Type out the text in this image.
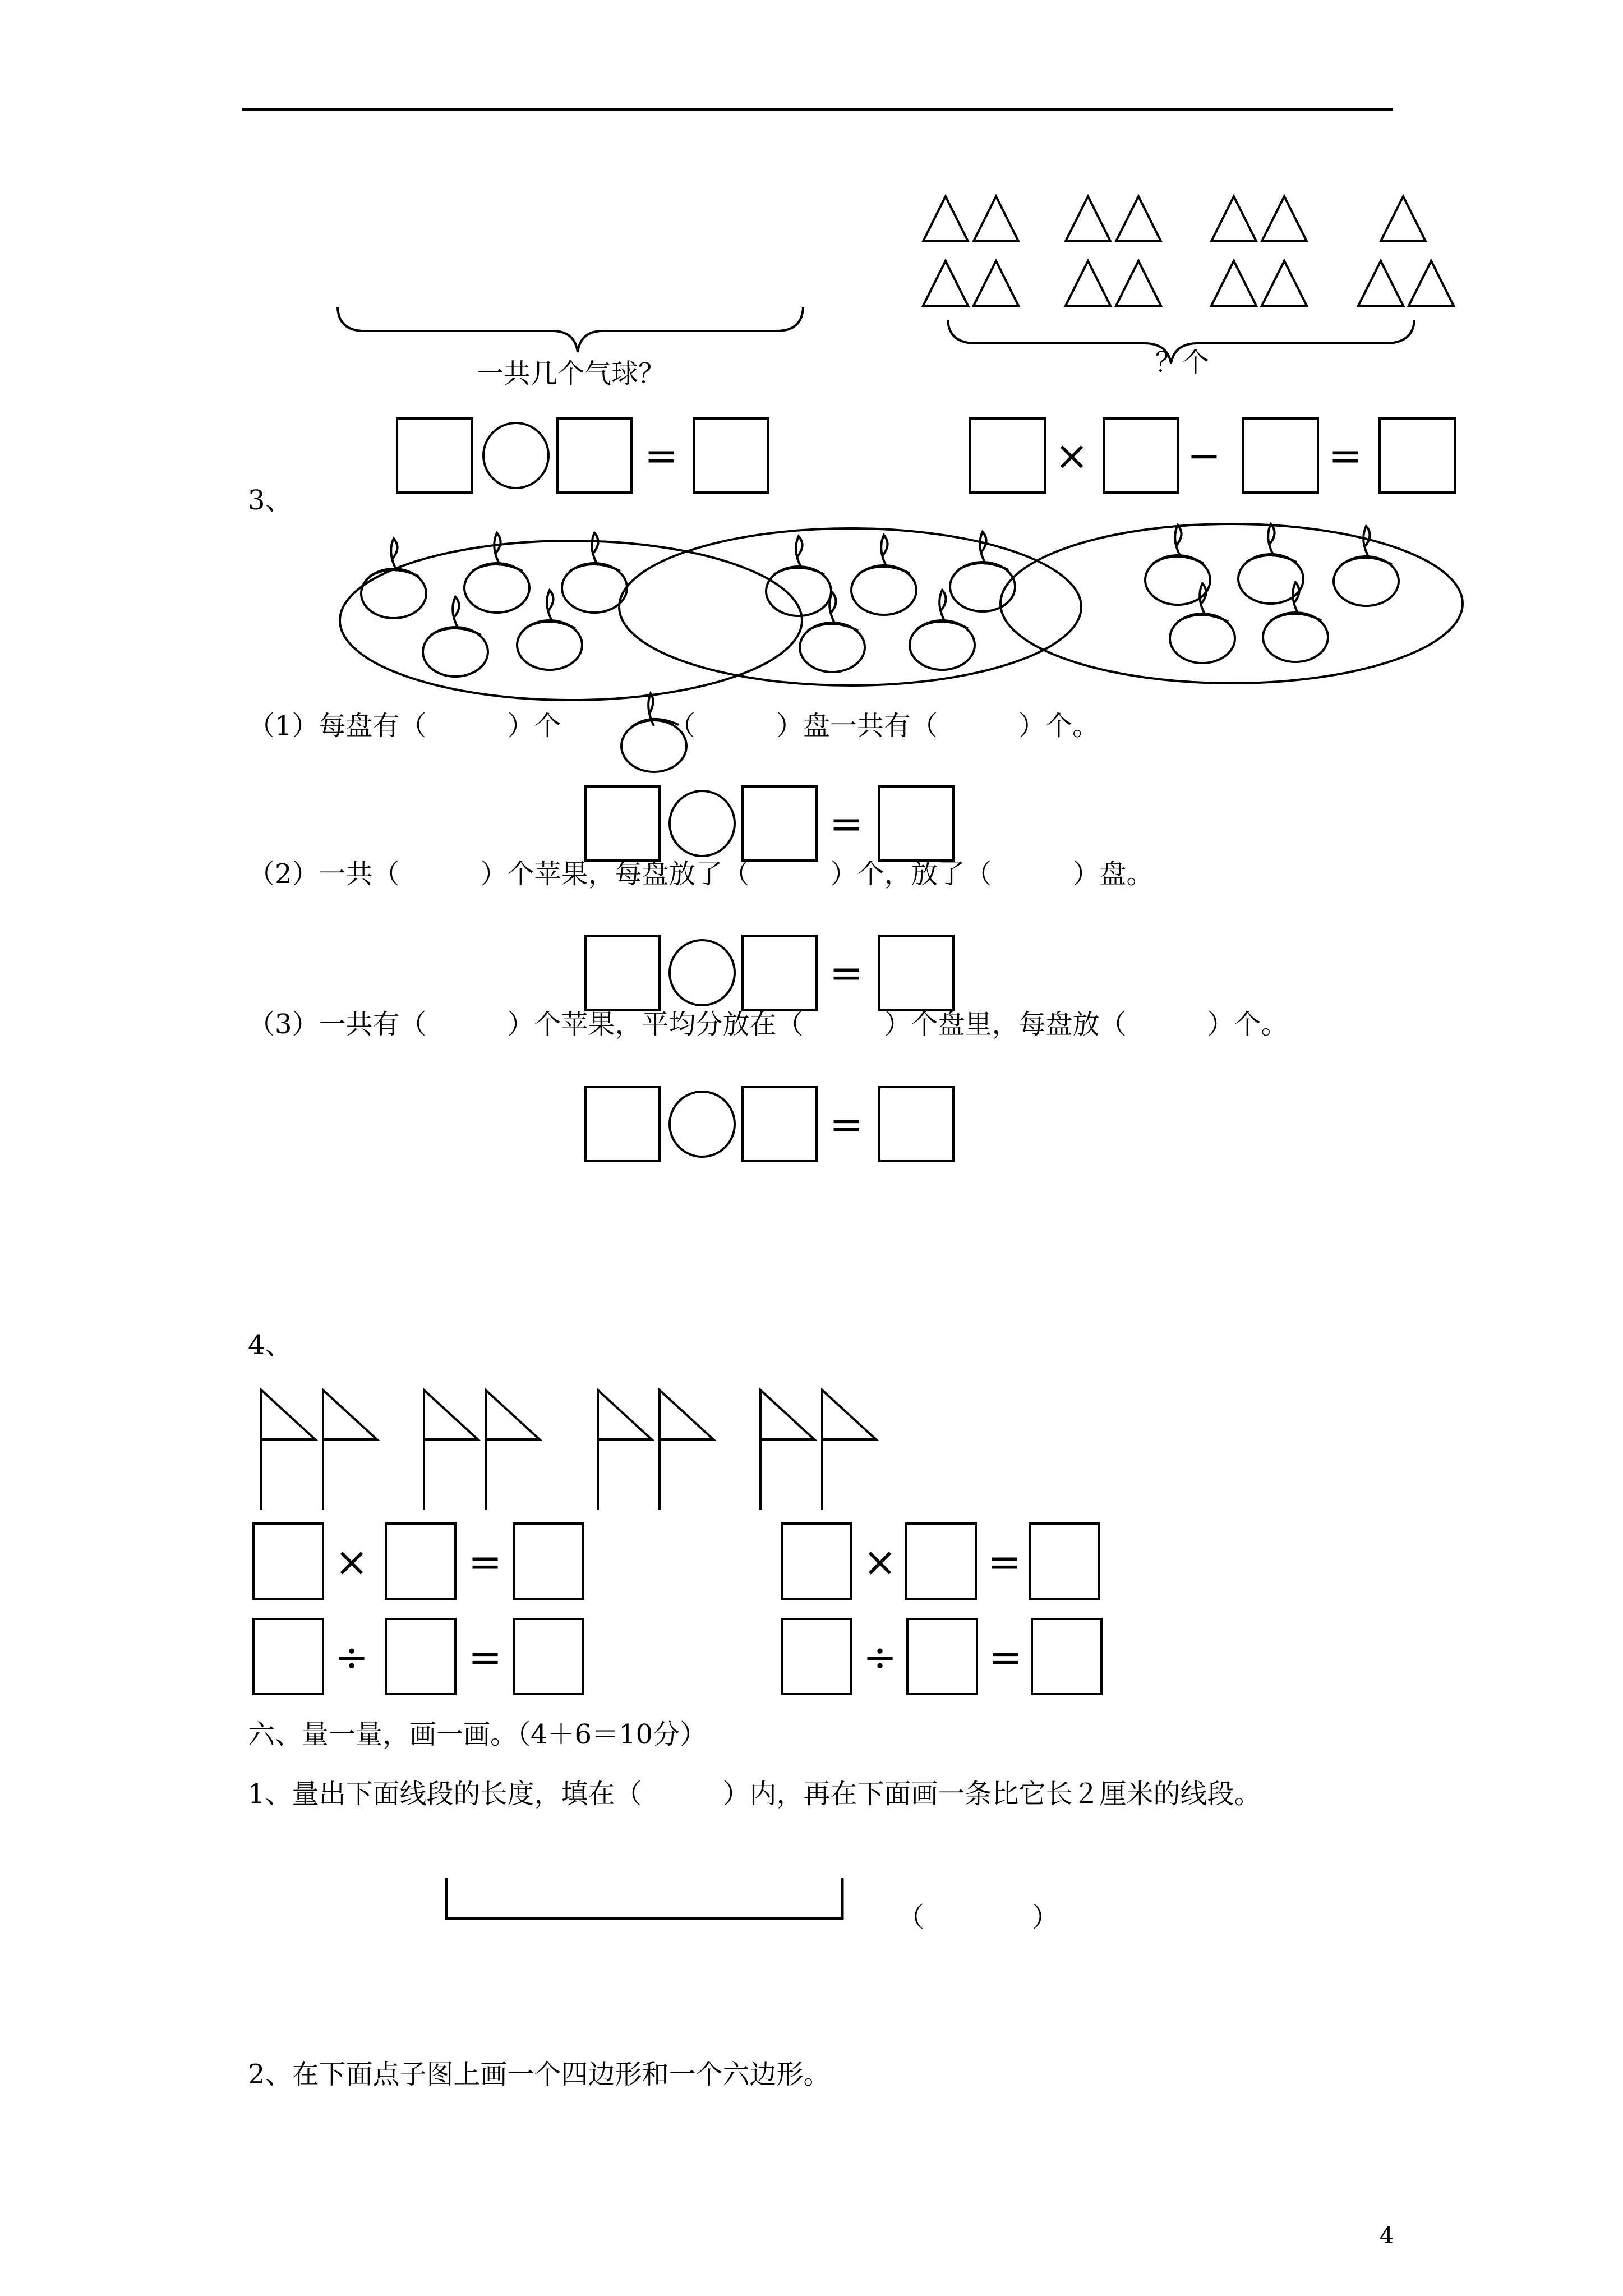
一共几个气球？	？个
=	× −	=
3、
（1）每盘有（　　　）个	（　　　）盘一共有（　　　）个。
=
（2）一共（　　　）个苹果，每盘放了（　　　）个，放了（　　　）盘。
=
（3）一共有（　　　）个苹果，平均分放在（　　　）个盘里，每盘放（　　　）个。
=
4、
× =	× =
÷ =	÷ =
六、量一量，画一画。（4＋6＝10分）
1、量出下面线段的长度，填在（　　　）内，再在下面画一条比它长２厘米的线段。
（　　　　）
2、在下面点子图上画一个四边形和一个六边形。
4
